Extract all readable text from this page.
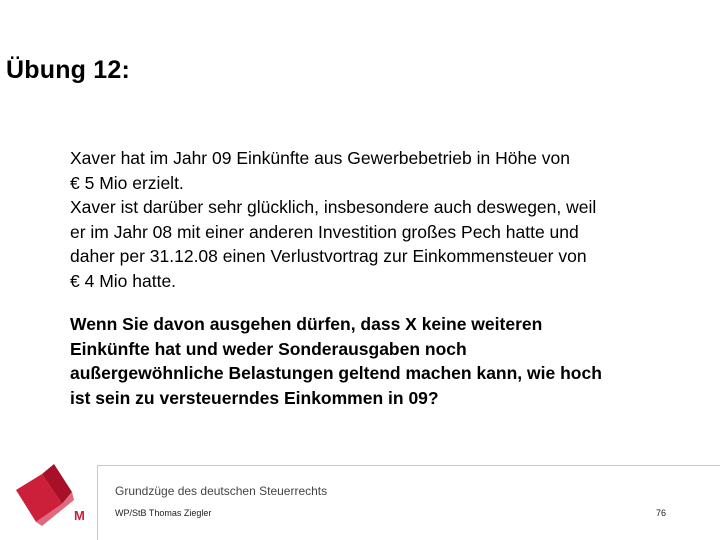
Übung 12:

Xaver hat im Jahr 09 Einkünfte aus Gewerbebetrieb in Höhe von

€ 5 Mio erzielt.

Xaver ist darüber sehr glücklich, insbesondere auch deswegen, weil

er im Jahr 08 mit einer anderen Investition großes Pech hatte und

daher per 31.12.08 einen Verlustvortrag zur Einkommensteuer von

€ 4 Mio hatte.

Wenn Sie davon ausgehen dürfen, dass X keine weiteren

Einkünfte hat und weder Sonderausgaben noch

außergewöhnliche Belastungen geltend machen kann, wie hoch

ist sein zu versteuerndes Einkommen in 09?

M
Grundzüge des deutschen Steuerrechts
WP/StB Thomas Ziegler	76
